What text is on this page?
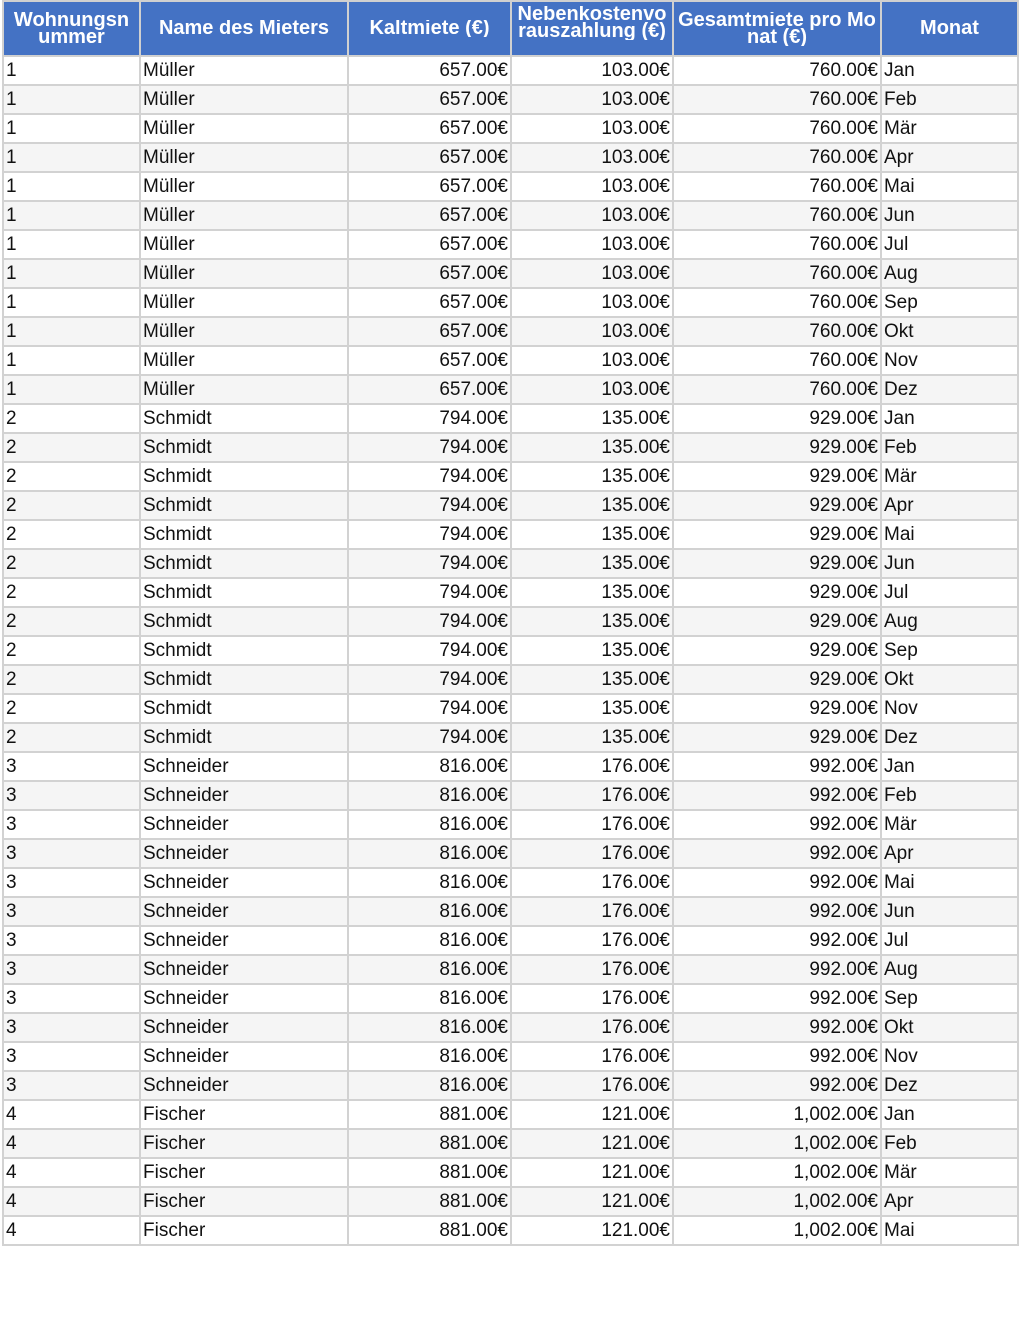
Wohnungsnummer	Name des Mieters	Kaltmiete (€)	Nebenkostenvorauszahlung (€)	Gesamtmiete pro Monat (€)	Monat

1	Müller	657.00€	103.00€	760.00€	Jan
1	Müller	657.00€	103.00€	760.00€	Feb
1	Müller	657.00€	103.00€	760.00€	Mär
1	Müller	657.00€	103.00€	760.00€	Apr
1	Müller	657.00€	103.00€	760.00€	Mai
1	Müller	657.00€	103.00€	760.00€	Jun
1	Müller	657.00€	103.00€	760.00€	Jul
1	Müller	657.00€	103.00€	760.00€	Aug
1	Müller	657.00€	103.00€	760.00€	Sep
1	Müller	657.00€	103.00€	760.00€	Okt
1	Müller	657.00€	103.00€	760.00€	Nov
1	Müller	657.00€	103.00€	760.00€	Dez
2	Schmidt	794.00€	135.00€	929.00€	Jan
2	Schmidt	794.00€	135.00€	929.00€	Feb
2	Schmidt	794.00€	135.00€	929.00€	Mär
2	Schmidt	794.00€	135.00€	929.00€	Apr
2	Schmidt	794.00€	135.00€	929.00€	Mai
2	Schmidt	794.00€	135.00€	929.00€	Jun
2	Schmidt	794.00€	135.00€	929.00€	Jul
2	Schmidt	794.00€	135.00€	929.00€	Aug
2	Schmidt	794.00€	135.00€	929.00€	Sep
2	Schmidt	794.00€	135.00€	929.00€	Okt
2	Schmidt	794.00€	135.00€	929.00€	Nov
2	Schmidt	794.00€	135.00€	929.00€	Dez
3	Schneider	816.00€	176.00€	992.00€	Jan
3	Schneider	816.00€	176.00€	992.00€	Feb
3	Schneider	816.00€	176.00€	992.00€	Mär
3	Schneider	816.00€	176.00€	992.00€	Apr
3	Schneider	816.00€	176.00€	992.00€	Mai
3	Schneider	816.00€	176.00€	992.00€	Jun
3	Schneider	816.00€	176.00€	992.00€	Jul
3	Schneider	816.00€	176.00€	992.00€	Aug
3	Schneider	816.00€	176.00€	992.00€	Sep
3	Schneider	816.00€	176.00€	992.00€	Okt
3	Schneider	816.00€	176.00€	992.00€	Nov
3	Schneider	816.00€	176.00€	992.00€	Dez
4	Fischer	881.00€	121.00€	1,002.00€	Jan
4	Fischer	881.00€	121.00€	1,002.00€	Feb
4	Fischer	881.00€	121.00€	1,002.00€	Mär
4	Fischer	881.00€	121.00€	1,002.00€	Apr
4	Fischer	881.00€	121.00€	1,002.00€	Mai
